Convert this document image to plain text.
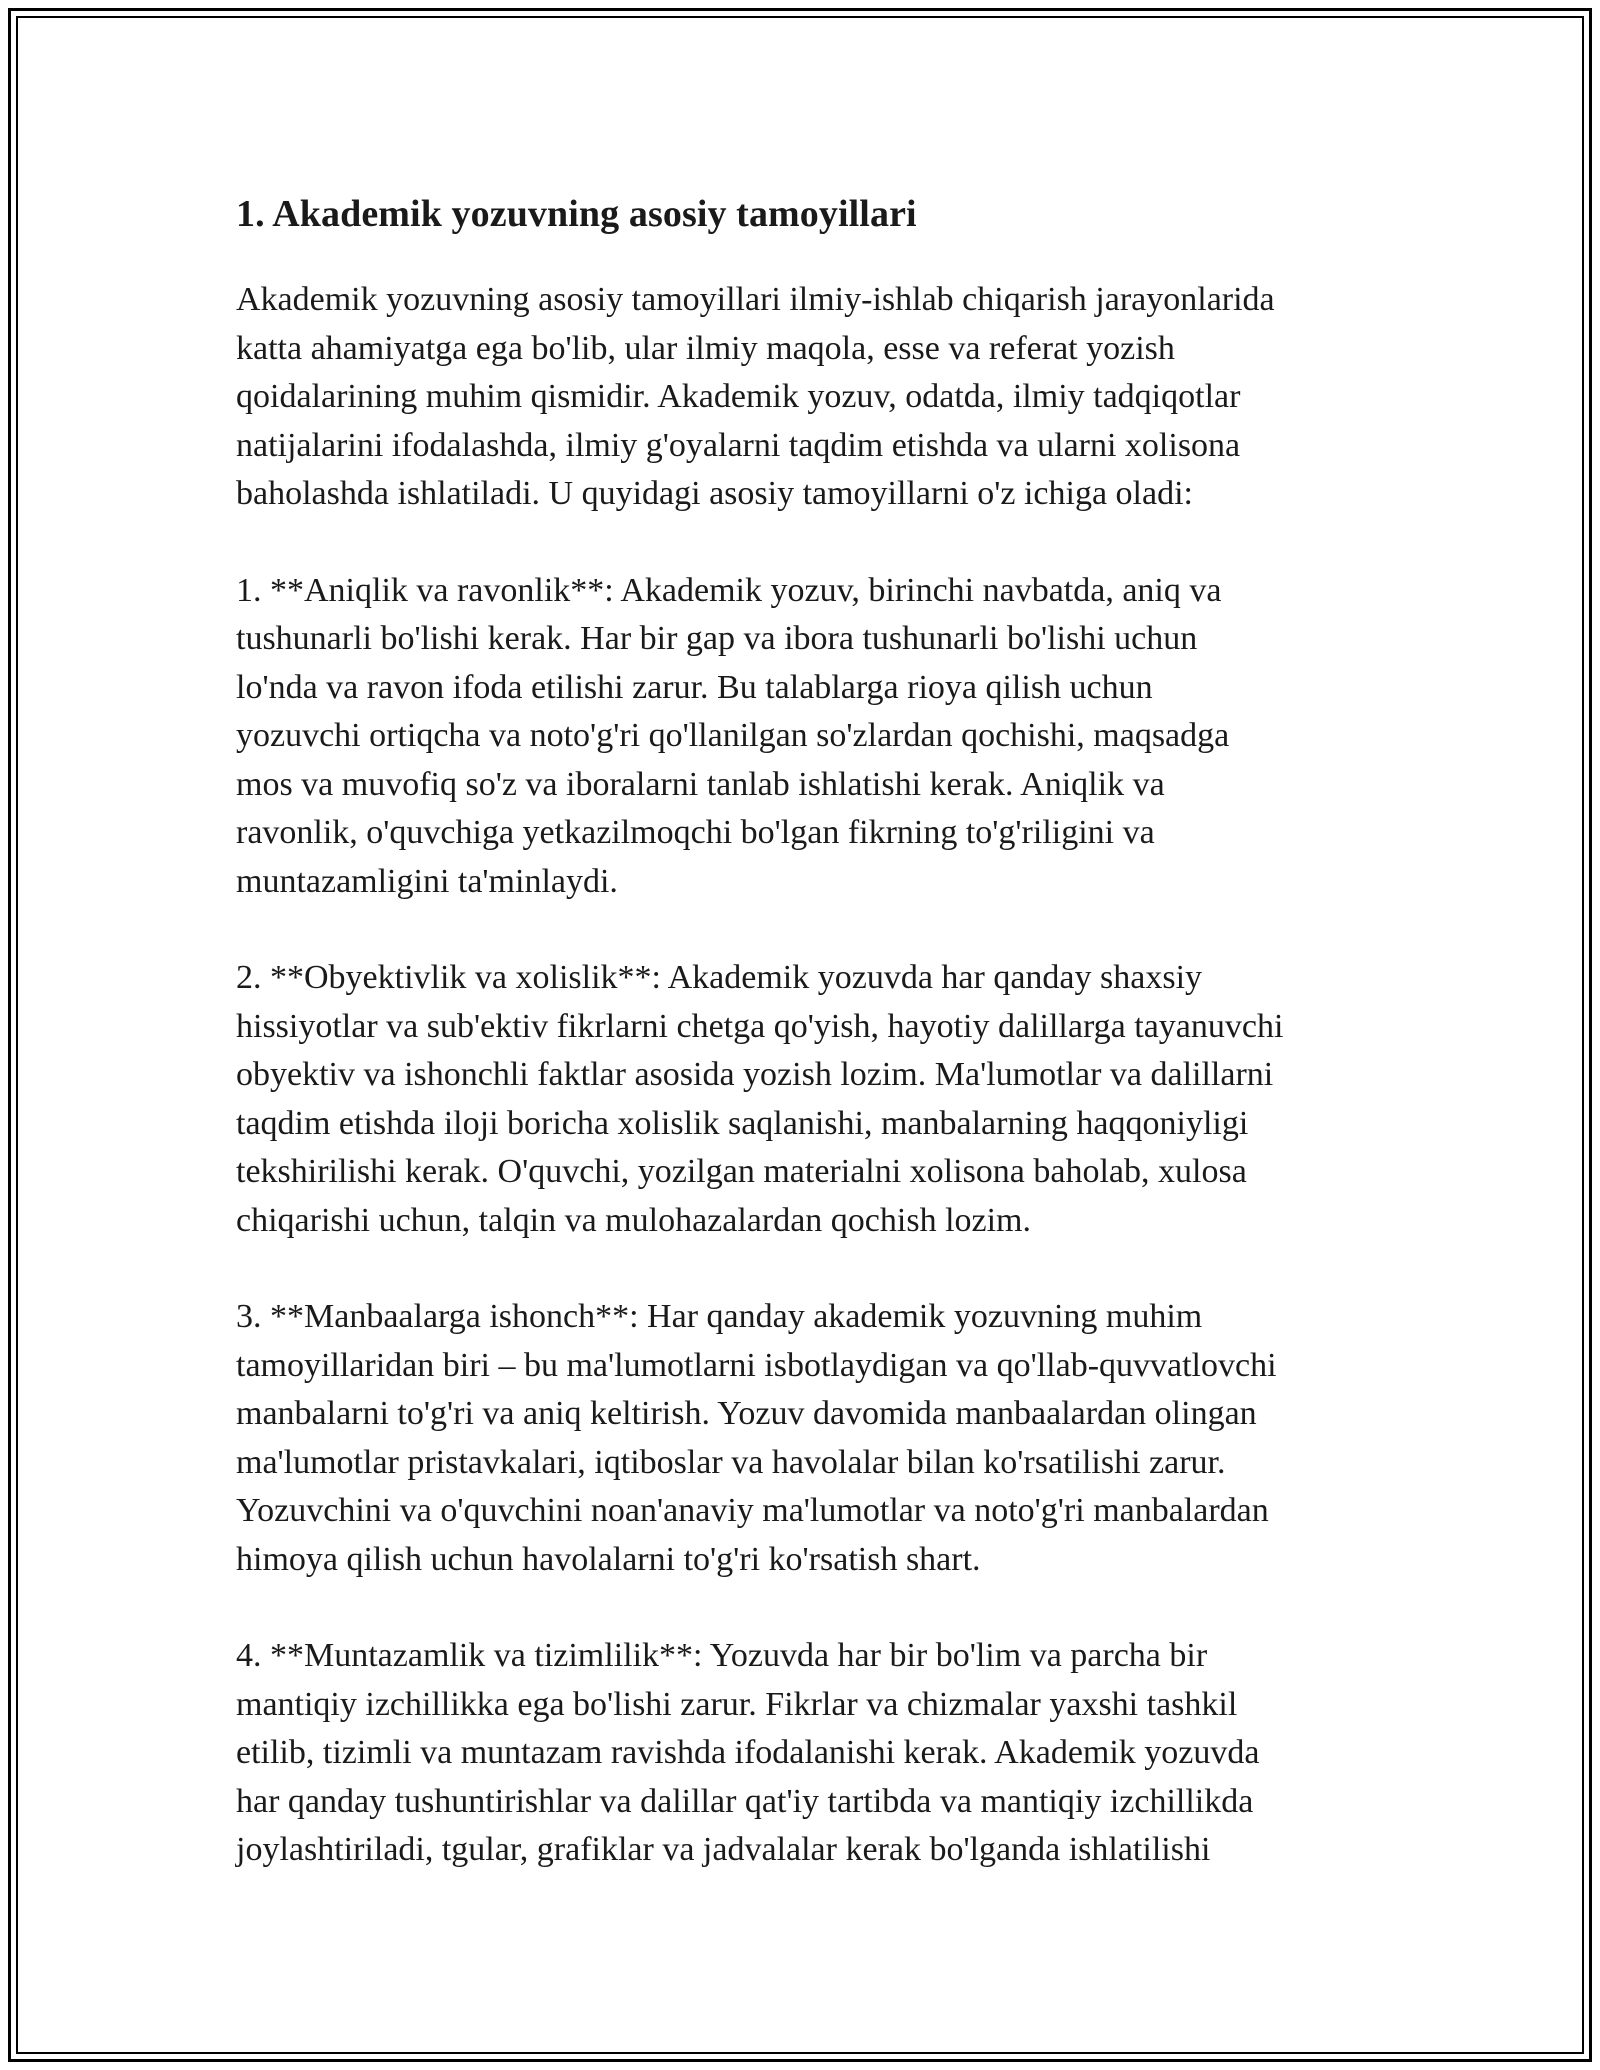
1. Akademik yozuvning asosiy tamoyillari

Akademik yozuvning asosiy tamoyillari ilmiy-ishlab chiqarish jarayonlarida
katta ahamiyatga ega bo'lib, ular ilmiy maqola, esse va referat yozish
qoidalarining muhim qismidir. Akademik yozuv, odatda, ilmiy tadqiqotlar
natijalarini ifodalashda, ilmiy g'oyalarni taqdim etishda va ularni xolisona
baholashda ishlatiladi. U quyidagi asosiy tamoyillarni o'z ichiga oladi:

1. **Aniqlik va ravonlik**: Akademik yozuv, birinchi navbatda, aniq va
tushunarli bo'lishi kerak. Har bir gap va ibora tushunarli bo'lishi uchun
lo'nda va ravon ifoda etilishi zarur. Bu talablarga rioya qilish uchun
yozuvchi ortiqcha va noto'g'ri qo'llanilgan so'zlardan qochishi, maqsadga
mos va muvofiq so'z va iboralarni tanlab ishlatishi kerak. Aniqlik va
ravonlik, o'quvchiga yetkazilmoqchi bo'lgan fikrning to'g'riligini va
muntazamligini ta'minlaydi.

2. **Obyektivlik va xolislik**: Akademik yozuvda har qanday shaxsiy
hissiyotlar va sub'ektiv fikrlarni chetga qo'yish, hayotiy dalillarga tayanuvchi
obyektiv va ishonchli faktlar asosida yozish lozim. Ma'lumotlar va dalillarni
taqdim etishda iloji boricha xolislik saqlanishi, manbalarning haqqoniyligi
tekshirilishi kerak. O'quvchi, yozilgan materialni xolisona baholab, xulosa
chiqarishi uchun, talqin va mulohazalardan qochish lozim.

3. **Manbaalarga ishonch**: Har qanday akademik yozuvning muhim
tamoyillaridan biri – bu ma'lumotlarni isbotlaydigan va qo'llab-quvvatlovchi
manbalarni to'g'ri va aniq keltirish. Yozuv davomida manbaalardan olingan
ma'lumotlar pristavkalari, iqtiboslar va havolalar bilan ko'rsatilishi zarur.
Yozuvchini va o'quvchini noan'anaviy ma'lumotlar va noto'g'ri manbalardan
himoya qilish uchun havolalarni to'g'ri ko'rsatish shart.

4. **Muntazamlik va tizimlilik**: Yozuvda har bir bo'lim va parcha bir
mantiqiy izchillikka ega bo'lishi zarur. Fikrlar va chizmalar yaxshi tashkil
etilib, tizimli va muntazam ravishda ifodalanishi kerak. Akademik yozuvda
har qanday tushuntirishlar va dalillar qat'iy tartibda va mantiqiy izchillikda
joylashtiriladi, tgular, grafiklar va jadvalalar kerak bo'lganda ishlatilishi
